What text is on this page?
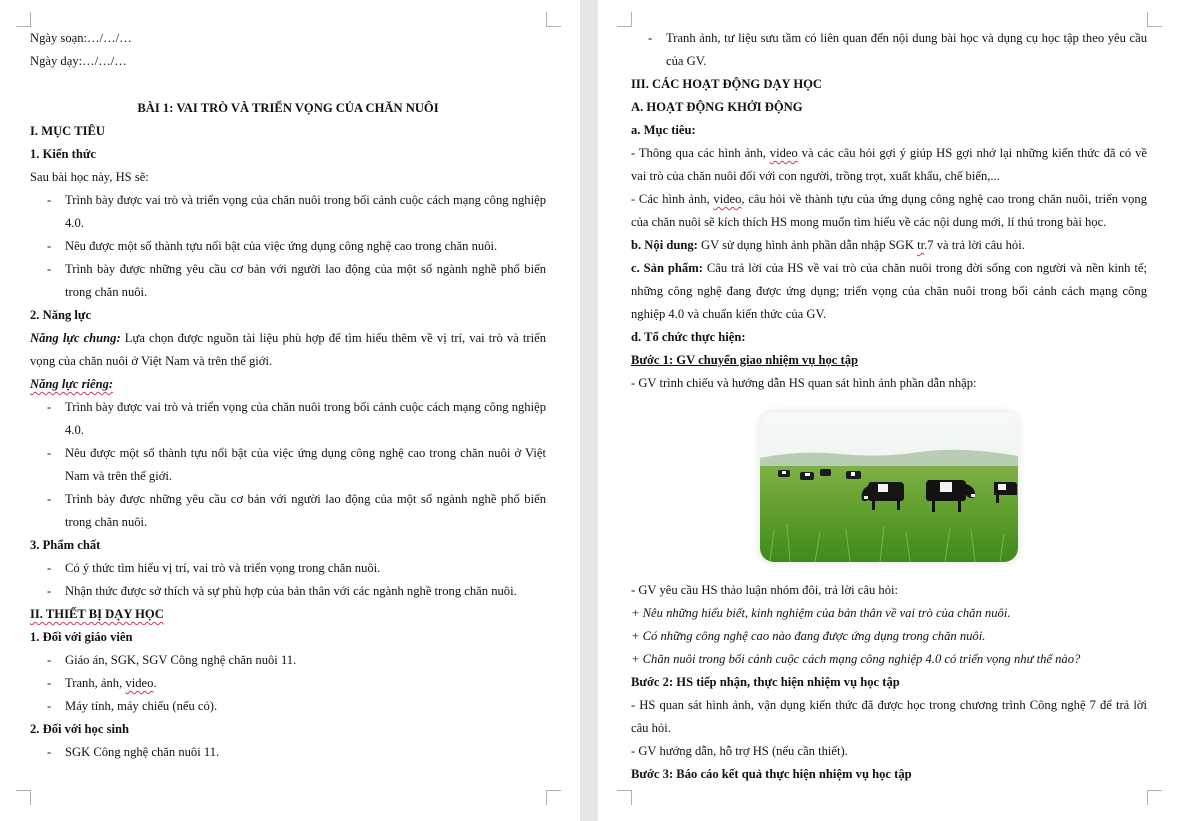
Ngày soạn:…/…/…

Ngày dạy:…/…/…

BÀI 1: VAI TRÒ VÀ TRIỂN VỌNG CỦA CHĂN NUÔI

I. MỤC TIÊU

1. Kiến thức

Sau bài học này, HS sẽ:

- Trình bày được vai trò và triển vọng của chăn nuôi trong bối cảnh cuộc cách mạng công nghiệp 4.0.

- Nêu được một số thành tựu nổi bật của việc ứng dụng công nghệ cao trong chăn nuôi.

- Trình bày được những yêu cầu cơ bản với người lao động của một số ngành nghề phổ biến trong chăn nuôi.

2. Năng lực

Năng lực chung: Lựa chọn được nguồn tài liệu phù hợp để tìm hiểu thêm về vị trí, vai trò và triển vọng của chăn nuôi ở Việt Nam và trên thế giới.

Năng lực riêng:

- Trình bày được vai trò và triển vọng của chăn nuôi trong bối cảnh cuộc cách mạng công nghiệp 4.0.

- Nêu được một số thành tựu nổi bật của việc ứng dụng công nghệ cao trong chăn nuôi ở Việt Nam và trên thế giới.

- Trình bày được những yêu cầu cơ bản với người lao động của một số ngành nghề phổ biến trong chăn nuôi.

3. Phẩm chất

- Có ý thức tìm hiểu vị trí, vai trò và triển vọng trong chăn nuôi.

- Nhận thức được sở thích và sự phù hợp của bản thân với các ngành nghề trong chăn nuôi.

II. THIẾT BỊ DẠY HỌC

1. Đối với giáo viên

- Giáo án, SGK, SGV Công nghệ chăn nuôi 11.

- Tranh, ảnh, video.

- Máy tính, máy chiếu (nếu có).

2. Đối với học sinh

- SGK Công nghệ chăn nuôi 11.

- Tranh ảnh, tư liệu sưu tầm có liên quan đến nội dung bài học và dụng cụ học tập theo yêu cầu của GV.

III. CÁC HOẠT ĐỘNG DẠY HỌC

A. HOẠT ĐỘNG KHỞI ĐỘNG

a. Mục tiêu:

- Thông qua các hình ảnh, video và các câu hỏi gợi ý giúp HS gợi nhớ lại những kiến thức đã có về vai trò của chăn nuôi đối với con người, trồng trọt, xuất khẩu, chế biến,...

- Các hình ảnh, video, câu hỏi về thành tựu của ứng dụng công nghệ cao trong chăn nuôi, triển vọng của chăn nuôi sẽ kích thích HS mong muốn tìm hiểu về các nội dung mới, lí thú trong bài học.

b. Nội dung: GV sử dụng hình ảnh phần dẫn nhập SGK tr.7 và trả lời câu hỏi.

c. Sản phẩm: Câu trả lời của HS về vai trò của chăn nuôi trong đời sống con người và nền kinh tế; những công nghệ đang được ứng dụng; triển vọng của chăn nuôi trong bối cảnh cách mạng công nghiệp 4.0 và chuẩn kiến thức của GV.

d. Tổ chức thực hiện:

Bước 1: GV chuyển giao nhiệm vụ học tập

- GV trình chiếu và hướng dẫn HS quan sát hình ảnh phần dẫn nhập:

- GV yêu cầu HS thảo luận nhóm đôi, trả lời câu hỏi:

+ Nêu những hiểu biết, kinh nghiệm của bản thân về vai trò của chăn nuôi.

+ Có những công nghệ cao nào đang được ứng dụng trong chăn nuôi.

+ Chăn nuôi trong bối cảnh cuộc cách mạng công nghiệp 4.0 có triển vọng như thế nào?

Bước 2: HS tiếp nhận, thực hiện nhiệm vụ học tập

- HS quan sát hình ảnh, vận dụng kiến thức đã được học trong chương trình Công nghệ 7 để trả lời câu hỏi.

- GV hướng dẫn, hỗ trợ HS (nếu cần thiết).

Bước 3: Báo cáo kết quả thực hiện nhiệm vụ học tập
